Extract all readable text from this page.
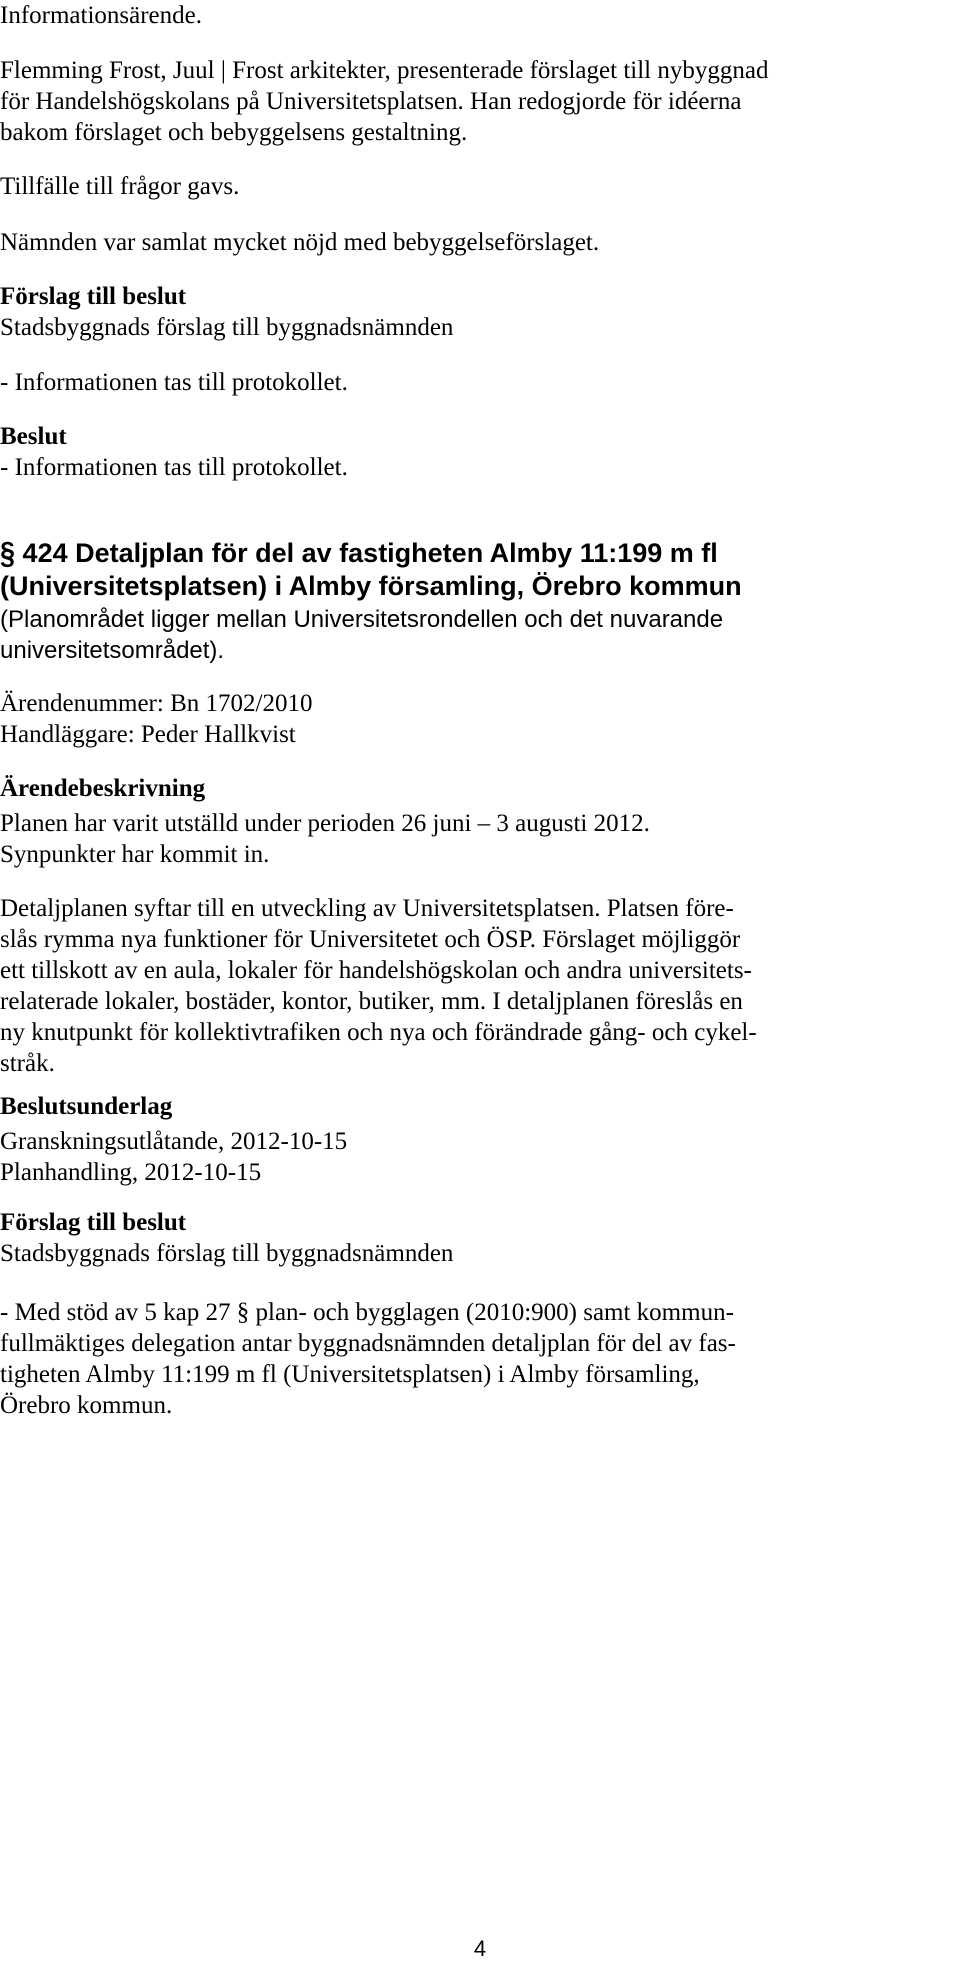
Informationsärende.
Flemming Frost, Juul | Frost arkitekter, presenterade förslaget till nybyggnad
för Handelshögskolans på Universitetsplatsen. Han redogjorde för idéerna
bakom förslaget och bebyggelsens gestaltning.
Tillfälle till frågor gavs.
Nämnden var samlat mycket nöjd med bebyggelseförslaget.
Förslag till beslut
Stadsbyggnads förslag till byggnadsnämnden
- Informationen tas till protokollet.
Beslut
- Informationen tas till protokollet.
§ 424 Detaljplan för del av fastigheten Almby 11:199 m fl
(Universitetsplatsen) i Almby församling, Örebro kommun
(Planområdet ligger mellan Universitetsrondellen och det nuvarande
universitetsområdet).
Ärendenummer: Bn 1702/2010
Handläggare: Peder Hallkvist
Ärendebeskrivning
Planen har varit utställd under perioden 26 juni – 3 augusti 2012.
Synpunkter har kommit in.
Detaljplanen syftar till en utveckling av Universitetsplatsen. Platsen före-
slås rymma nya funktioner för Universitetet och ÖSP. Förslaget möjliggör
ett tillskott av en aula, lokaler för handelshögskolan och andra universitets-
relaterade lokaler, bostäder, kontor, butiker, mm. I detaljplanen föreslås en
ny knutpunkt för kollektivtrafiken och nya och förändrade gång- och cykel-
stråk.
Beslutsunderlag
Granskningsutlåtande, 2012-10-15
Planhandling, 2012-10-15
Förslag till beslut
Stadsbyggnads förslag till byggnadsnämnden
- Med stöd av 5 kap 27 § plan- och bygglagen (2010:900) samt kommun-
fullmäktiges delegation antar byggnadsnämnden detaljplan för del av fas-
tigheten Almby 11:199 m fl (Universitetsplatsen) i Almby församling,
Örebro kommun.
4
